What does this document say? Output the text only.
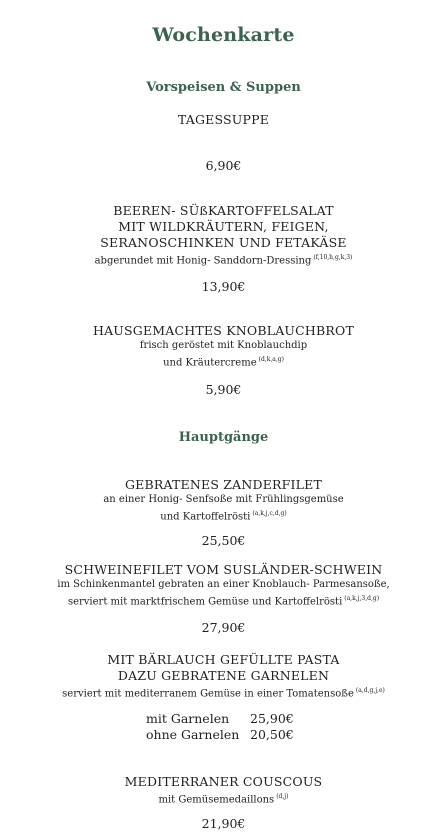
Wochenkarte
Vorspeisen & Suppen
TAGESSUPPE
6,90€
BEEREN- SÜßKARTOFFELSALAT
MIT WILDKRÄUTERN, FEIGEN,
SERANOSCHINKEN UND FETAKÄSE
abgerundet mit Honig- Sanddorn-Dressing $^{(f,10,h,g,k,3)}$
13,90€
HAUSGEMACHTES KNOBLAUCHBROT
frisch geröstet mit Knoblauchdip
und Kräutercreme $^{(d,k,a,g)}$
5,90€
Hauptgänge
GEBRATENES ZANDERFILET
an einer Honig- Senfsoße mit Frühlingsgemüse
und Kartoffelrösti $^{(a,k,j,c,d,g)}$
25,50€
SCHWEINEFILET VOM SUSLÄNDER-SCHWEIN
im Schinkenmantel gebraten an einer Knoblauch- Parmesansoße,
serviert mit marktfrischem Gemüse und Kartoffelrösti $^{(a,k,j,3,d,g)}$
27,90€
MIT BÄRLAUCH GEFÜLLTE PASTA
DAZU GEBRATENE GARNELEN
serviert mit mediterranem Gemüse in einer Tomatensoße $^{(a,d,g,j,e)}$
mit Garnelen 25,90€
ohne Garnelen 20,50€
MEDITERRANER COUSCOUS
mit Gemüsemedaillons $^{(d,j)}$
21,90€
